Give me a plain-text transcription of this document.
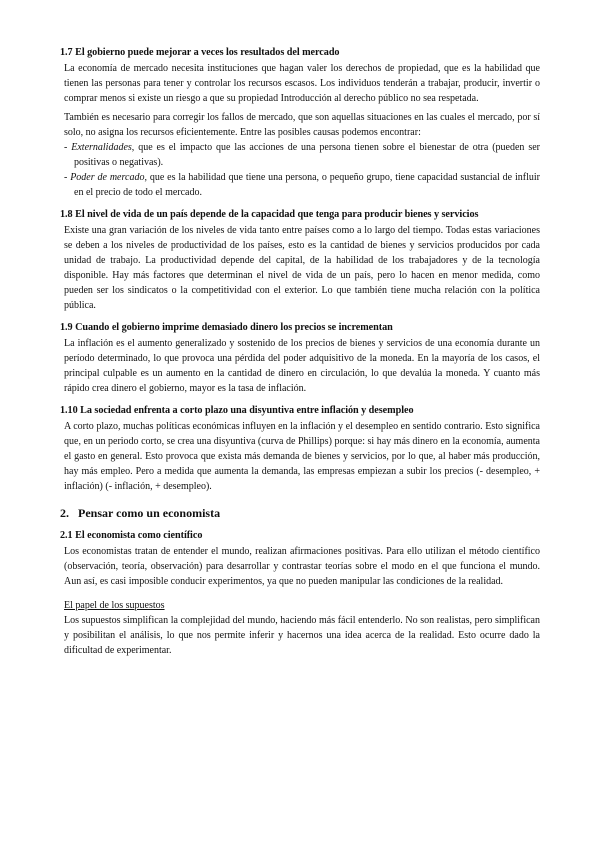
1.7 El gobierno puede mejorar a veces los resultados del mercado

La economía de mercado necesita instituciones que hagan valer los derechos de propiedad, que es la habilidad que tienen las personas para tener y controlar los recursos escasos. Los individuos tenderán a trabajar, producir, invertir o comprar menos si existe un riesgo a que su propiedad Introducción al derecho público no sea respetada.

También es necesario para corregir los fallos de mercado, que son aquellas situaciones en las cuales el mercado, por sí solo, no asigna los recursos eficientemente. Entre las posibles causas podemos encontrar:

- Externalidades, que es el impacto que las acciones de una persona tienen sobre el bienestar de otra (pueden ser positivas o negativas).
- Poder de mercado, que es la habilidad que tiene una persona, o pequeño grupo, tiene capacidad sustancial de influir en el precio de todo el mercado.
1.8 El nivel de vida de un país depende de la capacidad que tenga para producir bienes y servicios

Existe una gran variación de los niveles de vida tanto entre países como a lo largo del tiempo. Todas estas variaciones se deben a los niveles de productividad de los países, esto es la cantidad de bienes y servicios producidos por cada unidad de trabajo. La productividad depende del capital, de la habilidad de los trabajadores y de la tecnología disponible. Hay más factores que determinan el nivel de vida de un país, pero lo hacen en menor medida, como pueden ser los sindicatos o la competitividad con el exterior. Lo que también tiene mucha relación con la política pública.

1.9 Cuando el gobierno imprime demasiado dinero los precios se incrementan

La inflación es el aumento generalizado y sostenido de los precios de bienes y servicios de una economía durante un período determinado, lo que provoca una pérdida del poder adquisitivo de la moneda. En la mayoría de los casos, el principal culpable es un aumento en la cantidad de dinero en circulación, lo que devalúa la moneda. Y cuanto más rápido crea dinero el gobierno, mayor es la tasa de inflación.

1.10 La sociedad enfrenta a corto plazo una disyuntiva entre inflación y desempleo

A corto plazo, muchas políticas económicas influyen en la inflación y el desempleo en sentido contrario. Esto significa que, en un periodo corto, se crea una disyuntiva (curva de Phillips) porque: si hay más dinero en la economía, aumenta el gasto en general. Esto provoca que exista más demanda de bienes y servicios, por lo que, al haber más producción, hay más empleo. Pero a medida que aumenta la demanda, las empresas empiezan a subir los precios (- desempleo, + inflación) (- inflación, + desempleo).

2. Pensar como un economista
2.1 El economista como científico

Los economistas tratan de entender el mundo, realizan afirmaciones positivas. Para ello utilizan el método científico (observación, teoría, observación) para desarrollar y contrastar teorías sobre el modo en el que funciona el mundo. Aun así, es casi imposible conducir experimentos, ya que no pueden manipular las condiciones de la realidad.

El papel de los supuestos

Los supuestos simplifican la complejidad del mundo, haciendo más fácil entenderlo. No son realistas, pero simplifican y posibilitan el análisis, lo que nos permite inferir y hacernos una idea acerca de la realidad. Esto ocurre dado la dificultad de experimentar.
